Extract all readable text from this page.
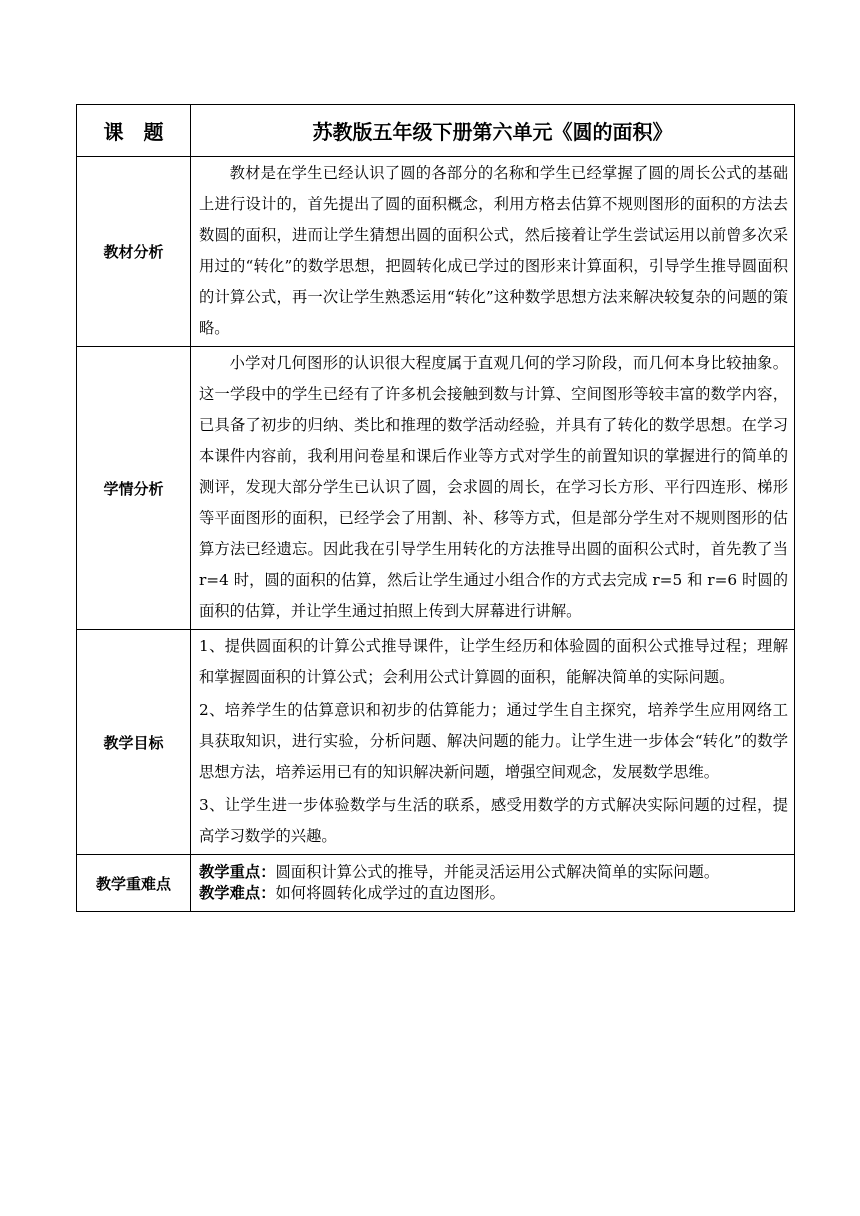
课　题	苏教版五年级下册第六单元《圆的面积》
教材分析	教材是在学生已经认识了圆的各部分的名称和学生已经掌握了圆的周长公式的基础上进行设计的，首先提出了圆的面积概念，利用方格去估算不规则图形的面积的方法去数圆的面积，进而让学生猜想出圆的面积公式，然后接着让学生尝试运用以前曾多次采用过的“转化”的数学思想，把圆转化成已学过的图形来计算面积，引导学生推导圆面积的计算公式，再一次让学生熟悉运用“转化”这种数学思想方法来解决较复杂的问题的策略。

学情分析	小学对几何图形的认识很大程度属于直观几何的学习阶段，而几何本身比较抽象。这一学段中的学生已经有了许多机会接触到数与计算、空间图形等较丰富的数学内容，已具备了初步的归纳、类比和推理的数学活动经验，并具有了转化的数学思想。在学习本课件内容前，我利用问卷星和课后作业等方式对学生的前置知识的掌握进行的简单的测评，发现大部分学生已认识了圆，会求圆的周长，在学习长方形、平行四连形、梯形等平面图形的面积，已经学会了用割、补、移等方式，但是部分学生对不规则图形的估算方法已经遗忘。因此我在引导学生用转化的方法推导出圆的面积公式时，首先教了当 r=4 时，圆的面积的估算，然后让学生通过小组合作的方式去完成 r=5 和 r=6 时圆的面积的估算，并让学生通过拍照上传到大屏幕进行讲解。

教学目标	1、提供圆面积的计算公式推导课件，让学生经历和体验圆的面积公式推导过程；理解和掌握圆面积的计算公式；会利用公式计算圆的面积，能解决简单的实际问题。

2、培养学生的估算意识和初步的估算能力；通过学生自主探究，培养学生应用网络工具获取知识，进行实验，分析问题、解决问题的能力。让学生进一步体会“转化”的数学思想方法，培养运用已有的知识解决新问题，增强空间观念，发展数学思维。

3、让学生进一步体验数学与生活的联系，感受用数学的方式解决实际问题的过程，提高学习数学的兴趣。

教学重难点	教学重点：圆面积计算公式的推导，并能灵活运用公式解决简单的实际问题。

教学难点：如何将圆转化成学过的直边图形。
